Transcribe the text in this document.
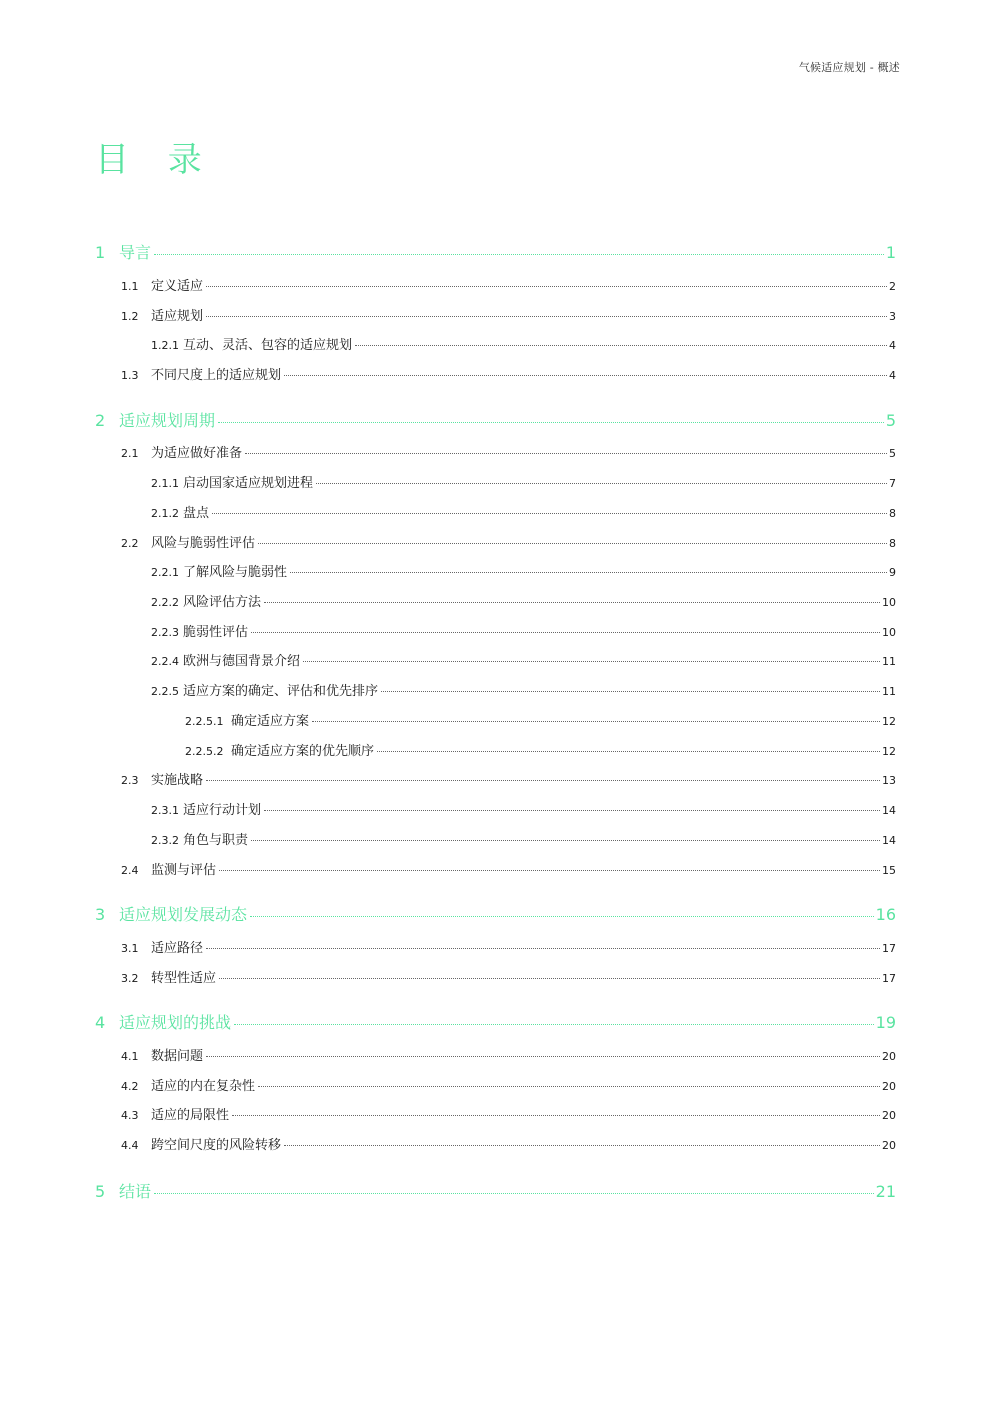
气候适应规划 - 概述
目 录
1 导言	1
1.1 定义适应	2
1.2 适应规划	3
1.2.1 互动、灵活、包容的适应规划	4
1.3 不同尺度上的适应规划	4
2 适应规划周期	5
2.1 为适应做好准备	5
2.1.1 启动国家适应规划进程	7
2.1.2 盘点	8
2.2 风险与脆弱性评估	8
2.2.1 了解风险与脆弱性	9
2.2.2 风险评估方法	10
2.2.3 脆弱性评估	10
2.2.4 欧洲与德国背景介绍	11
2.2.5 适应方案的确定、评估和优先排序	11
2.2.5.1 确定适应方案	12
2.2.5.2 确定适应方案的优先顺序	12
2.3 实施战略	13
2.3.1 适应行动计划	14
2.3.2 角色与职责	14
2.4 监测与评估	15
3 适应规划发展动态	16
3.1 适应路径	17
3.2 转型性适应	17
4 适应规划的挑战	19
4.1 数据问题	20
4.2 适应的内在复杂性	20
4.3 适应的局限性	20
4.4 跨空间尺度的风险转移	20
5 结语	21
